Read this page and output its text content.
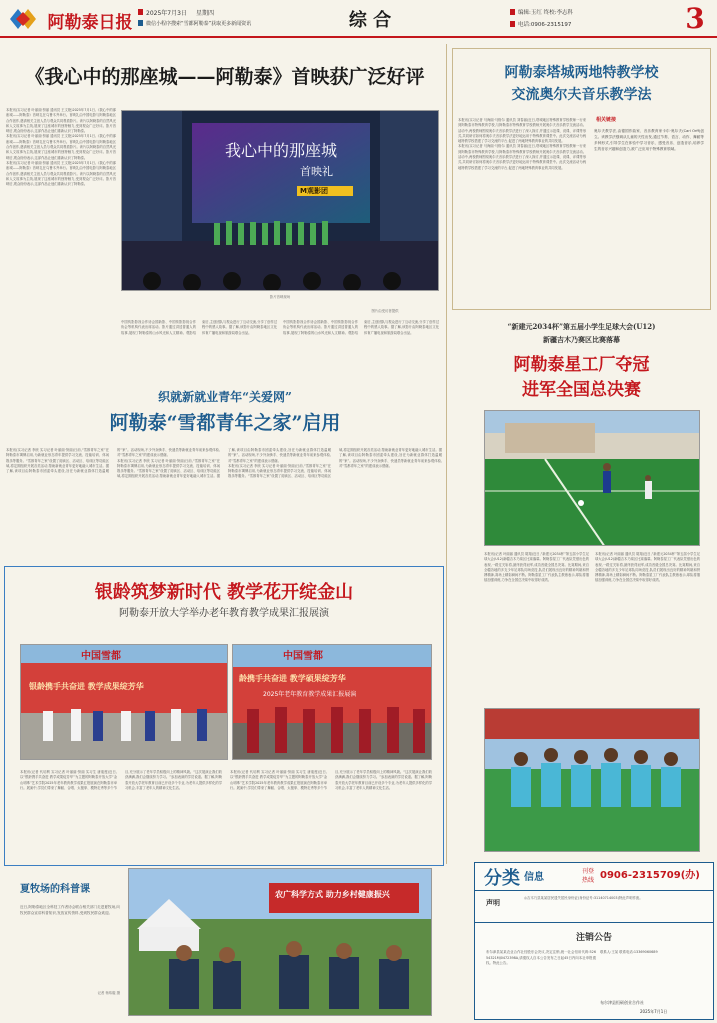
阿勒泰日报	2025年7月3日 星期四
微信小程序搜索“雪都阿勒泰”获取更多新闻资讯	综 合	编辑:玉红 终校:李志科
电话:0906-2315197	3
《我心中的那座城——阿勒泰》首映获广泛好评

本报讯(实习记者 叶丽丽·努丽 通讯员 王文艳)2025年7月1日,《我心中的那座城——阿勒泰》首映礼在乌鲁木齐举行。首映礼由中国电影与阿勒泰地区合作创作,邀请相关主创人员与观众共同观看影片。该片以阿勒泰的自然风光和人文故事为主线,展现了这座城市的独特魅力,受到观众广泛好评。影片首映后,观众纷纷表示,这部作品让他们重新认识了阿勒泰。

本报讯(实习记者 叶丽丽·努丽 通讯员 王文艳)2025年7月1日,《我心中的那座城——阿勒泰》首映礼在乌鲁木齐举行。首映礼由中国电影与阿勒泰地区合作创作,邀请相关主创人员与观众共同观看影片。该片以阿勒泰的自然风光和人文故事为主线,展现了这座城市的独特魅力,受到观众广泛好评。影片首映后,观众纷纷表示,这部作品让他们重新认识了阿勒泰。

本报讯(实习记者 叶丽丽·努丽 通讯员 王文艳)2025年7月1日,《我心中的那座城——阿勒泰》首映礼在乌鲁木齐举行。首映礼由中国电影与阿勒泰地区合作创作,邀请相关主创人员与观众共同观看影片。该片以阿勒泰的自然风光和人文故事为主线,展现了这座城市的独特魅力,受到观众广泛好评。影片首映后,观众纷纷表示,这部作品让他们重新认识了阿勒泰。

我心中的那座城
首映礼
M观影团
影片首映现场
图片由受访者提供

中国传影影视合作协会国新影、中国传影影视合作协会等机构代表出席活动。影片通过讲述普通人的故事,展现了阿勒泰的山水风光和人文精神。观影结束后,主创团队与观众进行了互动交流,分享了创作过程中的感人故事。据了解,该影片由阿勒泰地区文化体育广播电视和旅游局联合出品。

中国传影影视合作协会国新影、中国传影影视合作协会等机构代表出席活动。影片通过讲述普通人的故事,展现了阿勒泰的山水风光和人文精神。观影结束后,主创团队与观众进行了互动交流,分享了创作过程中的感人故事。据了解,该影片由阿勒泰地区文化体育广播电视和旅游局联合出品。

阿勒泰塔城两地特教学校
交流奥尔夫音乐教学法

本报讯(实习记者 马海丽·马格尔 通讯员 刘春丽)近日,塔城地区特殊教育学校教师一行来到阿勒泰市特殊教育学校,与阿勒泰市特殊教育学校教师开展奥尔夫音乐教学交流活动。活动中,两校教师围绕奥尔夫音乐教学法进行了深入探讨,并通过示范课、说课、评课等形式,共同研讨如何将奥尔夫音乐教学法更好地运用于特殊教育课堂中。此次交流活动为两地特教学校搭建了学习交流的平台,促进了两地特殊教育事业的共同发展。

本报讯(实习记者 马海丽·马格尔 通讯员 刘春丽)近日,塔城地区特殊教育学校教师一行来到阿勒泰市特殊教育学校,与阿勒泰市特殊教育学校教师开展奥尔夫音乐教学交流活动。活动中,两校教师围绕奥尔夫音乐教学法进行了深入探讨,并通过示范课、说课、评课等形式,共同研讨如何将奥尔夫音乐教学法更好地运用于特殊教育课堂中。此次交流活动为两地特教学校搭建了学习交流的平台,促进了两地特殊教育事业的共同发展。

相关链接

奥尔夫教学法,由德国作曲家、音乐教育家卡尔·奥尔夫(Carl Orff)创立。该教学法强调从儿童的天性出发,通过节奏、语言、动作、舞蹈等多种形式,引导学生在体验中学习音乐、感受音乐、创造音乐,培养学生的音乐兴趣和创造力,被广泛应用于特殊教育领域。

“新建元2034杯”第五届小学生足球大会(U12)
新疆吉木乃赛区比赛落幕
阿勒泰星工厂夺冠
进军全国总决赛

本报讯(记者 叶丽丽 通讯员 胡翔)近日,“新建元2034杯”第五届小学生足球大会(U12)新疆吉木乃赛区比赛落幕。阿勒泰星工厂代表队凭借出色的表现,一路过关斩将,最终获得冠军,成功晋级全国总决赛。比赛期间,来自全疆各地的多支少年足球队同场竞技,队员们展现出良好的精神风貌和拼搏精神,赛场上精彩瞬间不断。阿勒泰星工厂代表队主教练表示,球队将继续加强训练,力争在全国总决赛中取得好成绩。

本报讯(记者 叶丽丽 通讯员 胡翔)近日,“新建元2034杯”第五届小学生足球大会(U12)新疆吉木乃赛区比赛落幕。阿勒泰星工厂代表队凭借出色的表现,一路过关斩将,最终获得冠军,成功晋级全国总决赛。比赛期间,来自全疆各地的多支少年足球队同场竞技,队员们展现出良好的精神风貌和拼搏精神,赛场上精彩瞬间不断。阿勒泰星工厂代表队主教练表示,球队将继续加强训练,力争在全国总决赛中取得好成绩。

织就新就业青年“关爱网”
阿勒泰“雪都青年之家”启用

本报讯(实习记者 李欣 实习记者 叶丽丽·努丽)日前,“雪都青年之家”在阿勒泰市揭牌启用,为新就业形态青年提供学习交流、技能培训、休闲娱乐等服务。“雪都青年之家”设置了阅读区、活动区、培训区等功能区域,将定期组织开展各类活动,帮助新就业青年更好地融入城市生活。据了解,该项目由阿勒泰市团委牵头建设,旨在为新就业群体打造温暖的“家”。活动现场,不少外卖骑手、快递员等新就业青年前来参观体验,对“雪都青年之家”的建成表示感谢。

本报讯(实习记者 李欣 实习记者 叶丽丽·努丽)日前,“雪都青年之家”在阿勒泰市揭牌启用,为新就业形态青年提供学习交流、技能培训、休闲娱乐等服务。“雪都青年之家”设置了阅读区、活动区、培训区等功能区域,将定期组织开展各类活动,帮助新就业青年更好地融入城市生活。据了解,该项目由阿勒泰市团委牵头建设,旨在为新就业群体打造温暖的“家”。活动现场,不少外卖骑手、快递员等新就业青年前来参观体验,对“雪都青年之家”的建成表示感谢。

本报讯(实习记者 李欣 实习记者 叶丽丽·努丽)日前,“雪都青年之家”在阿勒泰市揭牌启用,为新就业形态青年提供学习交流、技能培训、休闲娱乐等服务。“雪都青年之家”设置了阅读区、活动区、培训区等功能区域,将定期组织开展各类活动,帮助新就业青年更好地融入城市生活。据了解,该项目由阿勒泰市团委牵头建设,旨在为新就业群体打造温暖的“家”。活动现场,不少外卖骑手、快递员等新就业青年前来参观体验,对“雪都青年之家”的建成表示感谢。

银龄筑梦新时代 教学花开绽金山
阿勒泰开放大学举办老年教育教学成果汇报展演
中国雪都
银龄携手共奋进 教学成果绽芳华
中国雪都
龄携手共奋进 教学硕果绽芳华
2025年老年教育教学成果汇报展演

本报讯(记者 代培利 实习记者 叶丽丽·努丽 实习生 唐羞莲)近日,以“银龄携手共奋进 教学成果绽芳华”为主题的阿勒泰开放大学“金山明珠”艺术学院2025年老年教育教学成果汇报展演在阿勒泰市举行。展演中,学员们带来了舞蹈、合唱、太极拳、模特走秀等多个节目,充分展示了老年学员积极向上的精神风貌。“这次展演让我们收获满满,我们会继续努力学习。”参加表演的学员说道。据了解,阿勒泰开放大学老年教育目前已开设多个专业,为老年人提供多样化的学习机会,丰富了老年人的精神文化生活。

本报讯(记者 代培利 实习记者 叶丽丽·努丽 实习生 唐羞莲)近日,以“银龄携手共奋进 教学成果绽芳华”为主题的阿勒泰开放大学“金山明珠”艺术学院2025年老年教育教学成果汇报展演在阿勒泰市举行。展演中,学员们带来了舞蹈、合唱、太极拳、模特走秀等多个节目,充分展示了老年学员积极向上的精神风貌。“这次展演让我们收获满满,我们会继续努力学习。”参加表演的学员说道。据了解,阿勒泰开放大学老年教育目前已开设多个专业,为老年人提供多样化的学习机会,丰富了老年人的精神文化生活。

夏牧场的科普课

近日,阿勒泰地区全科技工作者协会联合相关部门走进夏牧场,向牧民群众宣讲科普知识,发放宣传资料,受到牧民群众欢迎。

记者 杨玮璇 摄
农广科学方式 助力乡村健康振兴
分类 信息
刊登
热线 0906-2315709(办)
声明

◎吉木乃县某某居民遗失居民身份证(身份证号:31140714003)特此声明作废。

注销公告

布尔津县某某农业合作社经股东会决议,决定注销,统一社会信用代码:52654321MJ0472398A,请债权人自本公告发布之日起45日内向本社申报债权。特此公告。

联系人:王某 联系电话:13369060689

布尔津县恒硕创业合作社
2025年7月1日
